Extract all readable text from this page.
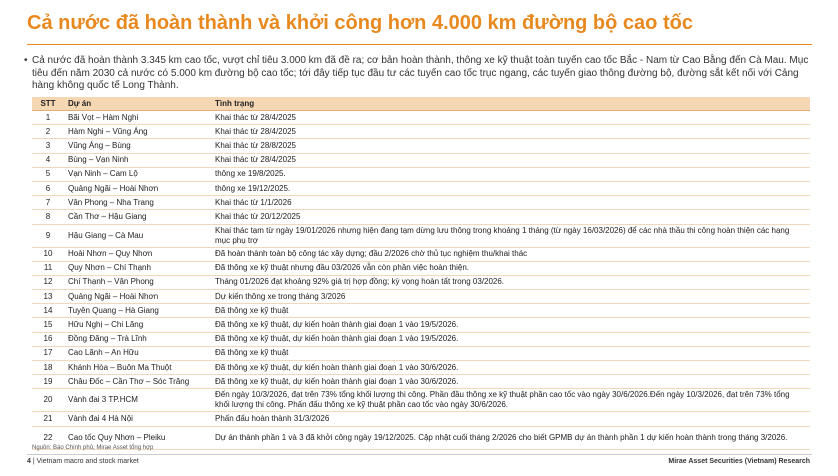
Cả nước đã hoàn thành và khởi công hơn 4.000 km đường bộ cao tốc
• Cả nước đã hoàn thành 3.345 km cao tốc, vượt chỉ tiêu 3.000 km đã đề ra; cơ bản hoàn thành, thông xe kỹ thuật toàn tuyến cao tốc Bắc - Nam từ Cao Bằng đến Cà Mau. Mục tiêu đến năm 2030 cả nước có 5.000 km đường bộ cao tốc; tới đây tiếp tục đầu tư các tuyến cao tốc trục ngang, các tuyến giao thông đường bộ, đường sắt kết nối với Cảng hàng không quốc tế Long Thành.
STT	Dự án	Tình trạng
1	Bãi Vọt – Hàm Nghi	Khai thác từ 28/4/2025
2	Hàm Nghi – Vũng Áng	Khai thác từ 28/4/2025
3	Vũng Áng – Bùng	Khai thác từ 28/8/2025
4	Bùng – Vạn Ninh	Khai thác từ 28/4/2025
5	Vạn Ninh – Cam Lộ	thông xe 19/8/2025.
6	Quảng Ngãi – Hoài Nhơn	thông xe 19/12/2025.
7	Vân Phong – Nha Trang	Khai thác từ 1/1/2026
8	Cần Thơ – Hậu Giang	Khai thác từ 20/12/2025
9	Hậu Giang – Cà Mau	Khai thác tạm từ ngày 19/01/2026 nhưng hiện đang tạm dừng lưu thông trong khoảng 1 tháng (từ ngày 16/03/2026) để các nhà thầu thi công hoàn thiện các hạng mục phụ trợ
10	Hoài Nhơn – Quy Nhơn	Đã hoàn thành toàn bộ công tác xây dựng; đầu 2/2026 chờ thủ tục nghiệm thu/khai thác
11	Quy Nhơn – Chí Thạnh	Đã thông xe kỹ thuật nhưng đầu 03/2026 vẫn còn phần việc hoàn thiện.
12	Chí Thạnh – Vân Phong	Tháng 01/2026 đạt khoảng 92% giá trị hợp đồng; kỳ vọng hoàn tất trong 03/2026.
13	Quảng Ngãi – Hoài Nhơn	Dự kiến thông xe trong tháng 3/2026
14	Tuyên Quang – Hà Giang	Đã thông xe kỹ thuật
15	Hữu Nghị – Chi Lăng	Đã thông xe kỹ thuật, dự kiến hoàn thành giai đoạn 1 vào 19/5/2026.
16	Đồng Đăng – Trà Lĩnh	Đã thông xe kỹ thuật, dự kiến hoàn thành giai đoạn 1 vào 19/5/2026.
17	Cao Lãnh – An Hữu	Đã thông xe kỹ thuật
18	Khánh Hòa – Buôn Ma Thuột	Đã thông xe kỹ thuật, dự kiến hoàn thành giai đoạn 1 vào 30/6/2026.
19	Châu Đốc – Cần Thơ – Sóc Trăng	Đã thông xe kỹ thuật, dự kiến hoàn thành giai đoạn 1 vào 30/6/2026.
20	Vành đai 3 TP.HCM	Đến ngày 10/3/2026, đạt trên 73% tổng khối lượng thi công. Phần đầu thông xe kỹ thuật phần cao tốc vào ngày 30/6/2026.Đến ngày 10/3/2026, đạt trên 73% tổng khối lượng thi công. Phấn đấu thông xe kỹ thuật phần cao tốc vào ngày 30/6/2026.
21	Vành đai 4 Hà Nội	Phấn đấu hoàn thành 31/3/2026
22	Cao tốc Quy Nhơn – Pleiku	Dự án thành phần 1 và 3 đã khởi công ngày 19/12/2025. Cập nhật cuối tháng 2/2026 cho biết GPMB dự án thành phần 1 dự kiến hoàn thành trong tháng 3/2026.
Nguồn: Báo Chính phủ, Mirae Asset tổng hợp
4 | Vietnam macro and stock market	Mirae Asset Securities (Vietnam) Research
